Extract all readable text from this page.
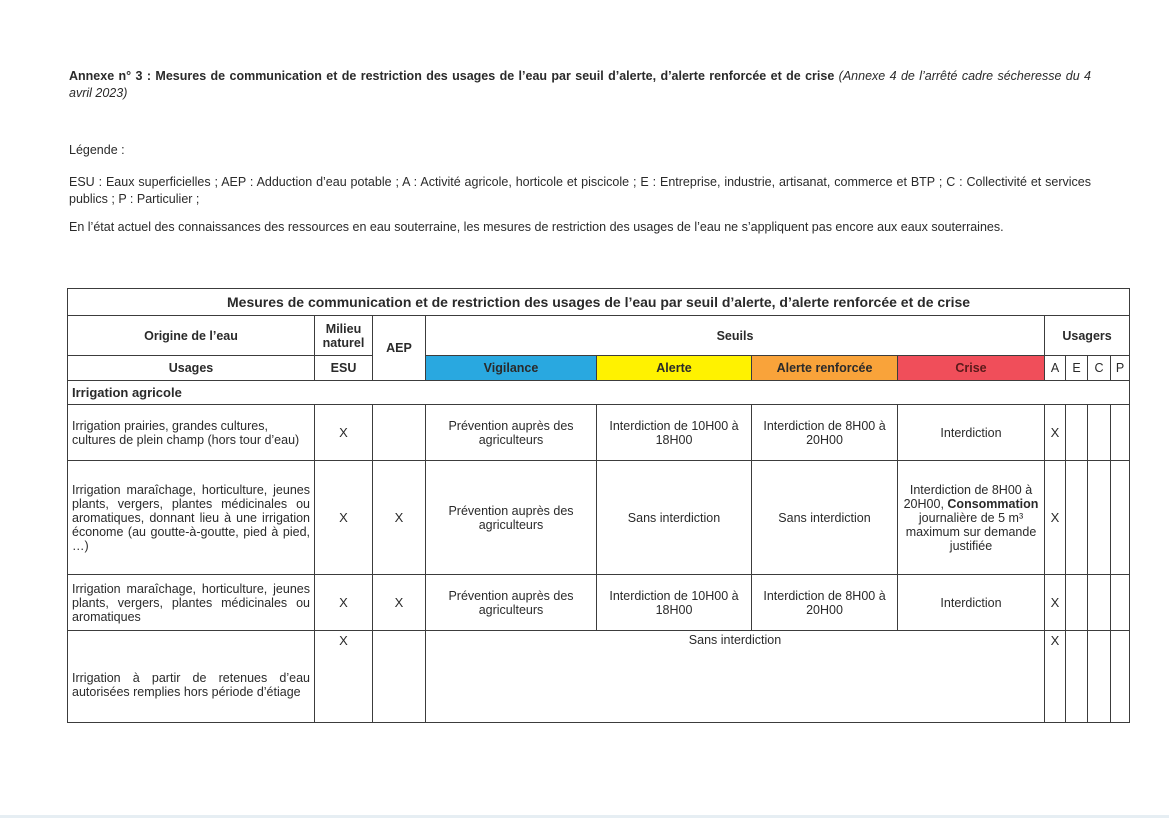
Annexe n° 3 : Mesures de communication et de restriction des usages de l’eau par seuil d’alerte, d’alerte renforcée et de crise (Annexe 4 de l’arrêté cadre sécheresse du 4 avril 2023)
Légende :
ESU : Eaux superficielles ; AEP : Adduction d’eau potable ; A : Activité agricole, horticole et piscicole ; E : Entreprise, industrie, artisanat, commerce et BTP ; C : Collectivité et services publics ; P : Particulier ;
En l’état actuel des connaissances des ressources en eau souterraine, les mesures de restriction des usages de l’eau ne s’appliquent pas encore aux eaux souterraines.
Mesures de communication et de restriction des usages de l’eau par seuil d’alerte, d’alerte renforcée et de crise										
Origine de l’eau	Milieu naturel	AEP	Seuils				Usagers			
Usages	ESU		Vigilance	Alerte	Alerte renforcée	Crise	A	E	C	P
Irrigation agricole										
Irrigation prairies, grandes cultures, cultures de plein champ (hors tour d’eau)	X		Prévention auprès des agriculteurs	Interdiction de 10H00 à 18H00	Interdiction de 8H00 à 20H00	Interdiction	X			
Irrigation maraîchage, horticulture, jeunes plants, vergers, plantes médicinales ou aromatiques, donnant lieu à une irrigation économe (au goutte-à-goutte, pied à pied, …)	X	X	Prévention auprès des agriculteurs	Sans interdiction	Sans interdiction	Interdiction de 8H00 à 20H00, Consommation journalière de 5 m³ maximum sur demande justifiée	X			
Irrigation maraîchage, horticulture, jeunes plants, vergers, plantes médicinales ou aromatiques	X	X	Prévention auprès des agriculteurs	Interdiction de 10H00 à 18H00	Interdiction de 8H00 à 20H00	Interdiction	X			
Irrigation à partir de retenues d’eau autorisées remplies hors période d’étiage	X		Sans interdiction				X			
